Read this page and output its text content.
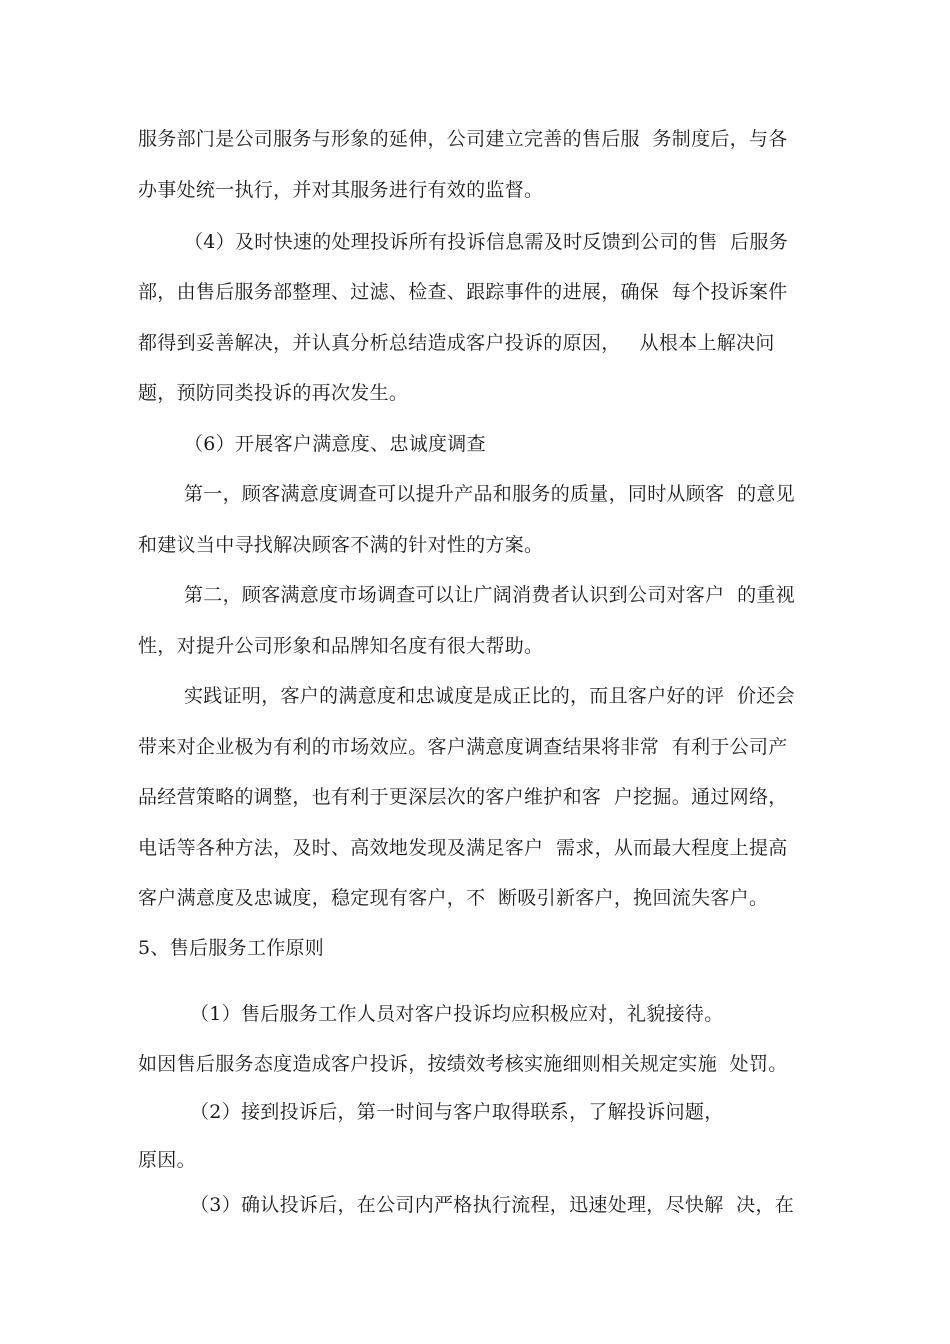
服务部门是公司服务与形象的延伸，公司建立完善的售后服  务制度后，与各
办事处统一执行，并对其服务进行有效的监督。
（4）及时快速的处理投诉所有投诉信息需及时反馈到公司的售  后服务
部，由售后服务部整理、过滤、检查、跟踪事件的进展，确保  每个投诉案件
都得到妥善解决，并认真分析总结造成客户投诉的原因，   从根本上解决问
题，预防同类投诉的再次发生。
（6）开展客户满意度、忠诚度调查
第一，顾客满意度调查可以提升产品和服务的质量，同时从顾客  的意见
和建议当中寻找解决顾客不满的针对性的方案。
第二，顾客满意度市场调查可以让广阔消费者认识到公司对客户  的重视
性，对提升公司形象和品牌知名度有很大帮助。
实践证明，客户的满意度和忠诚度是成正比的，而且客户好的评  价还会
带来对企业极为有利的市场效应。客户满意度调查结果将非常  有利于公司产
品经营策略的调整，也有利于更深层次的客户维护和客  户挖掘。通过网络，
电话等各种方法，及时、高效地发现及满足客户  需求，从而最大程度上提高
客户满意度及忠诚度，稳定现有客户，不  断吸引新客户，挽回流失客户。
5、售后服务工作原则
（1）售后服务工作人员对客户投诉均应积极应对，礼貌接待。
如因售后服务态度造成客户投诉，按绩效考核实施细则相关规定实施  处罚。
（2）接到投诉后，第一时间与客户取得联系，了解投诉问题，
原因。
（3）确认投诉后，在公司内严格执行流程，迅速处理，尽快解  决，在
